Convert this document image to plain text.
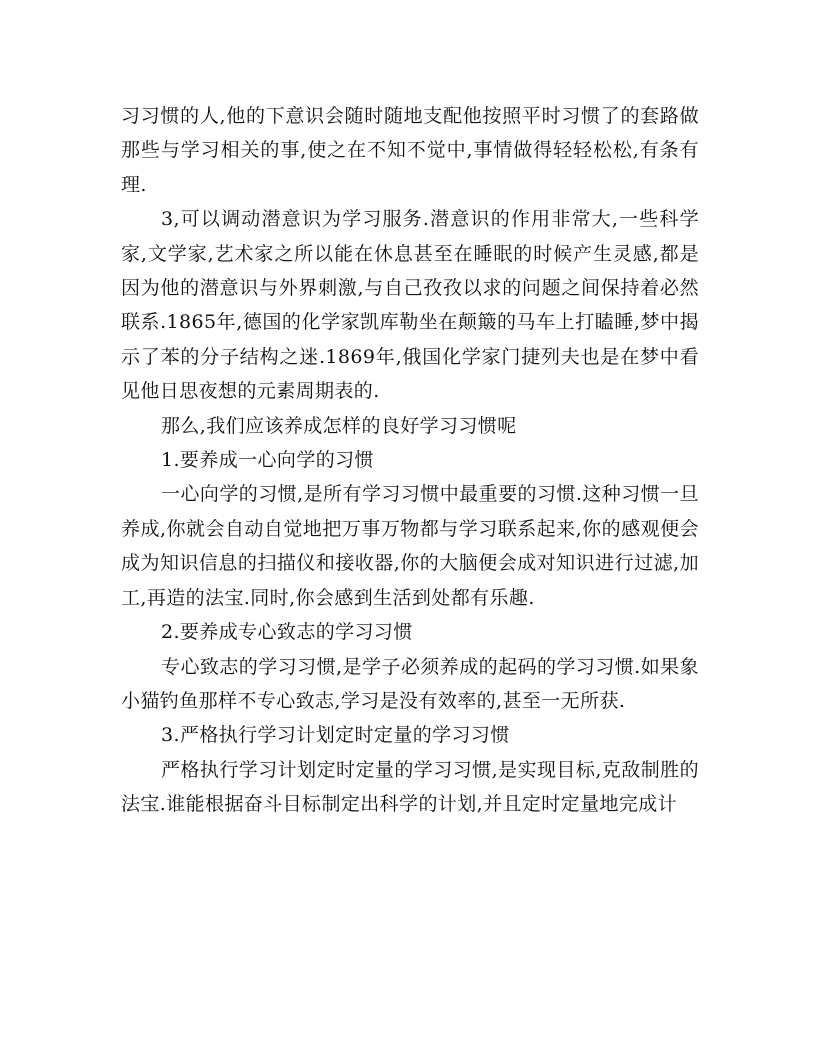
习习惯的人,他的下意识会随时随地支配他按照平时习惯了的套路做那些与学习相关的事,使之在不知不觉中,事情做得轻轻松松,有条有理.

3,可以调动潜意识为学习服务.潜意识的作用非常大,一些科学家,文学家,艺术家之所以能在休息甚至在睡眠的时候产生灵感,都是因为他的潜意识与外界刺激,与自己孜孜以求的问题之间保持着必然联系.1865年,德国的化学家凯库勒坐在颠簸的马车上打瞌睡,梦中揭示了苯的分子结构之迷.1869年,俄国化学家门捷列夫也是在梦中看见他日思夜想的元素周期表的.

那么,我们应该养成怎样的良好学习习惯呢

1.要养成一心向学的习惯

一心向学的习惯,是所有学习习惯中最重要的习惯.这种习惯一旦养成,你就会自动自觉地把万事万物都与学习联系起来,你的感观便会成为知识信息的扫描仪和接收器,你的大脑便会成对知识进行过滤,加工,再造的法宝.同时,你会感到生活到处都有乐趣.

2.要养成专心致志的学习习惯

专心致志的学习习惯,是学子必须养成的起码的学习习惯.如果象小猫钓鱼那样不专心致志,学习是没有效率的,甚至一无所获.

3.严格执行学习计划定时定量的学习习惯

严格执行学习计划定时定量的学习习惯,是实现目标,克敌制胜的法宝.谁能根据奋斗目标制定出科学的计划,并且定时定量地完成计
